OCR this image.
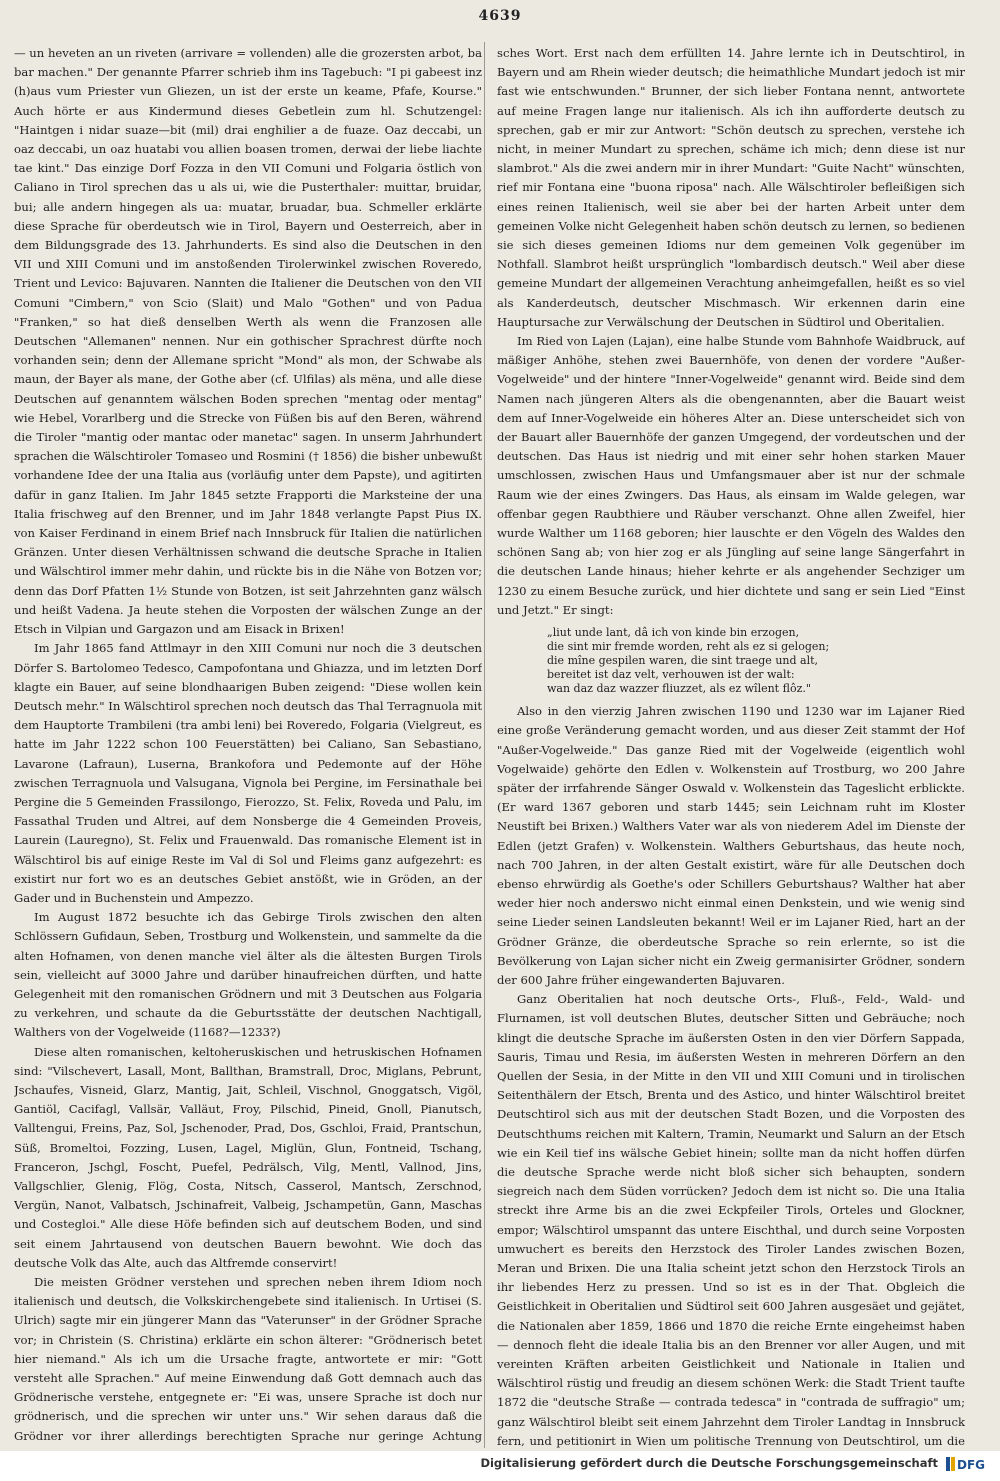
4639

— un heveten an un riveten (arrivare = vollenden) alle die grozersten arbot, ba bar machen." Der genannte Pfarrer schrieb ihm ins Tagebuch: "I pi gabeest inz (h)aus vum Priester vun Gliezen, un ist der erste un keame, Pfafe, Kourse." Auch hörte er aus Kindermund dieses Gebetlein zum hl. Schutzengel: "Haintgen i nidar suaze—bit (mil) drai enghilier a de fuaze. Oaz deccabi, un oaz deccabi, un oaz huatabi vou allien boasen tromen, derwai der liebe liachte tae kint." Das einzige Dorf Fozza in den VII Comuni und Folgaria östlich von Caliano in Tirol sprechen das u als ui, wie die Pusterthaler: muittar, bruidar, bui; alle andern hingegen als ua: muatar, bruadar, bua. Schmeller erklärte diese Sprache für oberdeutsch wie in Tirol, Bayern und Oesterreich, aber in dem Bildungsgrade des 13. Jahrhunderts. Es sind also die Deutschen in den VII und XIII Comuni und im anstoßenden Tirolerwinkel zwischen Roveredo, Trient und Levico: Bajuvaren. Nannten die Italiener die Deutschen von den VII Comuni "Cimbern," von Scio (Slait) und Malo "Gothen" und von Padua "Franken," so hat dieß denselben Werth als wenn die Franzosen alle Deutschen "Allemanen" nennen. Nur ein gothischer Sprachrest dürfte noch vorhanden sein; denn der Allemane spricht "Mond" als mon, der Schwabe als maun, der Bayer als mane, der Gothe aber (cf. Ulfilas) als mëna, und alle diese Deutschen auf genanntem wälschen Boden sprechen "mentag oder mentag" wie Hebel, Vorarlberg und die Strecke von Füßen bis auf den Beren, während die Tiroler "mantig oder mantac oder manetac" sagen. In unserm Jahrhundert sprachen die Wälschtiroler Tomaseo und Rosmini († 1856) die bisher unbewußt vorhandene Idee der una Italia aus (vorläufig unter dem Papste), und agitirten dafür in ganz Italien. Im Jahr 1845 setzte Frapporti die Marksteine der una Italia frischweg auf den Brenner, und im Jahr 1848 verlangte Papst Pius IX. von Kaiser Ferdinand in einem Brief nach Innsbruck für Italien die natürlichen Gränzen. Unter diesen Verhältnissen schwand die deutsche Sprache in Italien und Wälschtirol immer mehr dahin, und rückte bis in die Nähe von Botzen vor; denn das Dorf Pfatten 1½ Stunde von Botzen, ist seit Jahrzehnten ganz wälsch und heißt Vadena. Ja heute stehen die Vorposten der wälschen Zunge an der Etsch in Vilpian und Gargazon und am Eisack in Brixen!

Im Jahr 1865 fand Attlmayr in den XIII Comuni nur noch die 3 deutschen Dörfer S. Bartolomeo Tedesco, Campofontana und Ghiazza, und im letzten Dorf klagte ein Bauer, auf seine blondhaarigen Buben zeigend: "Diese wollen kein Deutsch mehr." In Wälschtirol sprechen noch deutsch das Thal Terragnuola mit dem Hauptorte Trambileni (tra ambi leni) bei Roveredo, Folgaria (Vielgreut, es hatte im Jahr 1222 schon 100 Feuerstätten) bei Caliano, San Sebastiano, Lavarone (Lafraun), Luserna, Brankofora und Pedemonte auf der Höhe zwischen Terragnuola und Valsugana, Vignola bei Pergine, im Fersinathale bei Pergine die 5 Gemeinden Frassilongo, Fierozzo, St. Felix, Roveda und Palu, im Fassathal Truden und Altrei, auf dem Nonsberge die 4 Gemeinden Proveis, Laurein (Lauregno), St. Felix und Frauenwald. Das romanische Element ist in Wälschtirol bis auf einige Reste im Val di Sol und Fleims ganz aufgezehrt: es existirt nur fort wo es an deutsches Gebiet anstößt, wie in Gröden, an der Gader und in Buchenstein und Ampezzo.

Im August 1872 besuchte ich das Gebirge Tirols zwischen den alten Schlössern Gufidaun, Seben, Trostburg und Wolkenstein, und sammelte da die alten Hofnamen, von denen manche viel älter als die ältesten Burgen Tirols sein, vielleicht auf 3000 Jahre und darüber hinaufreichen dürften, und hatte Gelegenheit mit den romanischen Grödnern und mit 3 Deutschen aus Folgaria zu verkehren, und schaute da die Geburtsstätte der deutschen Nachtigall, Walthers von der Vogelweide (1168?—1233?)

Diese alten romanischen, keltoheruskischen und hetruskischen Hofnamen sind: "Vilschevert, Lasall, Mont, Ballthan, Bramstrall, Droc, Miglans, Pebrunt, Jschaufes, Visneid, Glarz, Mantig, Jait, Schleil, Vischnol, Gnoggatsch, Vigöl, Gantiöl, Cacifagl, Vallsär, Valläut, Froy, Pilschid, Pineid, Gnoll, Pianutsch, Valltengui, Freins, Paz, Sol, Jschenoder, Prad, Dos, Gschloi, Fraid, Prantschun, Süß, Bromeltoi, Fozzing, Lusen, Lagel, Miglün, Glun, Fontneid, Tschang, Franceron, Jschgl, Foscht, Puefel, Pedrälsch, Vilg, Mentl, Vallnod, Jins, Vallgschlier, Glenig, Flög, Costa, Nitsch, Casserol, Mantsch, Zerschnod, Vergün, Nanot, Valbatsch, Jschinafreit, Valbeig, Jschampetün, Gann, Maschas und Costegloi." Alle diese Höfe befinden sich auf deutschem Boden, und sind seit einem Jahrtausend von deutschen Bauern bewohnt. Wie doch das deutsche Volk das Alte, auch das Altfremde conservirt!

Die meisten Grödner verstehen und sprechen neben ihrem Idiom noch italienisch und deutsch, die Volkskirchengebete sind italienisch. In Urtisei (S. Ulrich) sagte mir ein jüngerer Mann das "Vaterunser" in der Grödner Sprache vor; in Christein (S. Christina) erklärte ein schon älterer: "Grödnerisch betet hier niemand." Als ich um die Ursache fragte, antwortete er mir: "Gott versteht alle Sprachen." Auf meine Einwendung daß Gott demnach auch das Grödnerische verstehe, entgegnete er: "Ei was, unsere Sprache ist doch nur grödnerisch, und die sprechen wir unter uns." Wir sehen daraus daß die Grödner vor ihrer allerdings berechtigten Sprache nur geringe Achtung

sches Wort. Erst nach dem erfüllten 14. Jahre lernte ich in Deutschtirol, in Bayern und am Rhein wieder deutsch; die heimathliche Mundart jedoch ist mir fast wie entschwunden." Brunner, der sich lieber Fontana nennt, antwortete auf meine Fragen lange nur italienisch. Als ich ihn aufforderte deutsch zu sprechen, gab er mir zur Antwort: "Schön deutsch zu sprechen, verstehe ich nicht, in meiner Mundart zu sprechen, schäme ich mich; denn diese ist nur slambrot." Als die zwei andern mir in ihrer Mundart: "Guite Nacht" wünschten, rief mir Fontana eine "buona riposa" nach. Alle Wälschtiroler befleißigen sich eines reinen Italienisch, weil sie aber bei der harten Arbeit unter dem gemeinen Volke nicht Gelegenheit haben schön deutsch zu lernen, so bedienen sie sich dieses gemeinen Idioms nur dem gemeinen Volk gegenüber im Nothfall. Slambrot heißt ursprünglich "lombardisch deutsch." Weil aber diese gemeine Mundart der allgemeinen Verachtung anheimgefallen, heißt es so viel als Kanderdeutsch, deutscher Mischmasch. Wir erkennen darin eine Hauptursache zur Verwälschung der Deutschen in Südtirol und Oberitalien.

Im Ried von Lajen (Lajan), eine halbe Stunde vom Bahnhofe Waidbruck, auf mäßiger Anhöhe, stehen zwei Bauernhöfe, von denen der vordere "Außer-Vogelweide" und der hintere "Inner-Vogelweide" genannt wird. Beide sind dem Namen nach jüngeren Alters als die obengenannten, aber die Bauart weist dem auf Inner-Vogelweide ein höheres Alter an. Diese unterscheidet sich von der Bauart aller Bauernhöfe der ganzen Umgegend, der vordeutschen und der deutschen. Das Haus ist niedrig und mit einer sehr hohen starken Mauer umschlossen, zwischen Haus und Umfangsmauer aber ist nur der schmale Raum wie der eines Zwingers. Das Haus, als einsam im Walde gelegen, war offenbar gegen Raubthiere und Räuber verschanzt. Ohne allen Zweifel, hier wurde Walther um 1168 geboren; hier lauschte er den Vögeln des Waldes den schönen Sang ab; von hier zog er als Jüngling auf seine lange Sängerfahrt in die deutschen Lande hinaus; hieher kehrte er als angehender Sechziger um 1230 zu einem Besuche zurück, und hier dichtete und sang er sein Lied "Einst und Jetzt." Er singt:

„liut unde lant, dâ ich von kinde bin erzogen,
die sint mir fremde worden, reht als ez si gelogen;
die mîne gespilen waren, die sint traege und alt,
bereitet ist daz velt, verhouwen ist der walt:
wan daz daz wazzer fliuzzet, als ez wîlent flôz."

Also in den vierzig Jahren zwischen 1190 und 1230 war im Lajaner Ried eine große Veränderung gemacht worden, und aus dieser Zeit stammt der Hof "Außer-Vogelweide." Das ganze Ried mit der Vogelweide (eigentlich wohl Vogelwaide) gehörte den Edlen v. Wolkenstein auf Trostburg, wo 200 Jahre später der irrfahrende Sänger Oswald v. Wolkenstein das Tageslicht erblickte. (Er ward 1367 geboren und starb 1445; sein Leichnam ruht im Kloster Neustift bei Brixen.) Walthers Vater war als von niederem Adel im Dienste der Edlen (jetzt Grafen) v. Wolkenstein. Walthers Geburtshaus, das heute noch, nach 700 Jahren, in der alten Gestalt existirt, wäre für alle Deutschen doch ebenso ehrwürdig als Goethe's oder Schillers Geburtshaus? Walther hat aber weder hier noch anderswo nicht einmal einen Denkstein, und wie wenig sind seine Lieder seinen Landsleuten bekannt! Weil er im Lajaner Ried, hart an der Grödner Gränze, die oberdeutsche Sprache so rein erlernte, so ist die Bevölkerung von Lajan sicher nicht ein Zweig germanisirter Grödner, sondern der 600 Jahre früher eingewanderten Bajuvaren.

Ganz Oberitalien hat noch deutsche Orts-, Fluß-, Feld-, Wald- und Flurnamen, ist voll deutschen Blutes, deutscher Sitten und Gebräuche; noch klingt die deutsche Sprache im äußersten Osten in den vier Dörfern Sappada, Sauris, Timau und Resia, im äußersten Westen in mehreren Dörfern an den Quellen der Sesia, in der Mitte in den VII und XIII Comuni und in tirolischen Seitenthälern der Etsch, Brenta und des Astico, und hinter Wälschtirol breitet Deutschtirol sich aus mit der deutschen Stadt Bozen, und die Vorposten des Deutschthums reichen mit Kaltern, Tramin, Neumarkt und Salurn an der Etsch wie ein Keil tief ins wälsche Gebiet hinein; sollte man da nicht hoffen dürfen die deutsche Sprache werde nicht bloß sicher sich behaupten, sondern siegreich nach dem Süden vorrücken? Jedoch dem ist nicht so. Die una Italia streckt ihre Arme bis an die zwei Eckpfeiler Tirols, Orteles und Glockner, empor; Wälschtirol umspannt das untere Eischthal, und durch seine Vorposten umwuchert es bereits den Herzstock des Tiroler Landes zwischen Bozen, Meran und Brixen. Die una Italia scheint jetzt schon den Herzstock Tirols an ihr liebendes Herz zu pressen. Und so ist es in der That. Obgleich die Geistlichkeit in Oberitalien und Südtirol seit 600 Jahren ausgesäet und gejätet, die Nationalen aber 1859, 1866 und 1870 die reiche Ernte eingeheimst haben — dennoch fleht die ideale Italia bis an den Brenner vor aller Augen, und mit vereinten Kräften arbeiten Geistlichkeit und Nationale in Italien und Wälschtirol rüstig und freudig an diesem schönen Werk: die Stadt Trient taufte 1872 die "deutsche Straße — contrada tedesca" in "contrada de suffragio" um; ganz Wälschtirol bleibt seit einem Jahrzehnt dem Tiroler Landtag in Innsbruck fern, und petitionirt in Wien um politische Trennung von Deutschtirol, um die

Digitalisierung gefördert durch die Deutsche Forschungsgemeinschaft DFG
